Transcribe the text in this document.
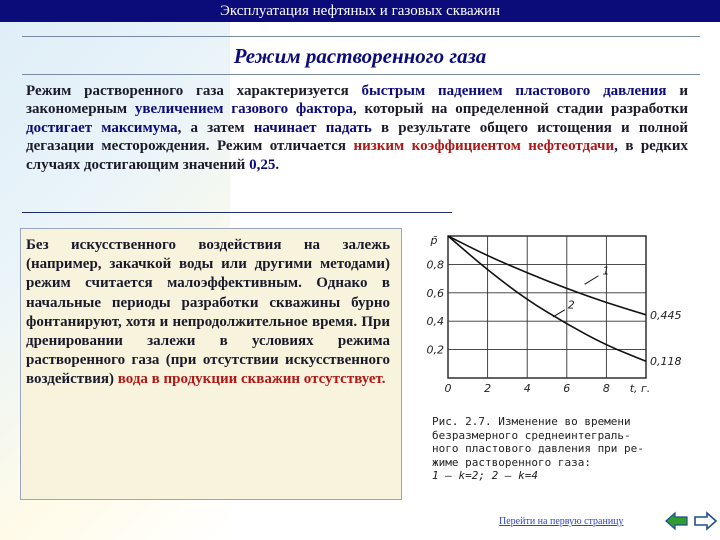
Эксплуатация нефтяных и газовых скважин
Режим растворенного газа
Режим растворенного газа характеризуется быстрым падением пластового давления и закономерным увеличением газового фактора, который на определенной стадии разработки достигает максимума, а затем начинает падать в результате общего истощения и полной дегазации месторождения. Режим отличается низким коэффициентом нефтеотдачи, в редких случаях достигающим значений 0,25.
Без искусственного воздействия на залежь (например, закачкой воды или другими методами) режим считается малоэффективным. Однако в начальные периоды разработки скважины бурно фонтанируют, хотя и непродолжительное время. При дренировании залежи в условиях режима растворенного газа (при отсутствии искусственного воздействия) вода в продукции скважин отсутствует.
p̄
0,8
0,6
0,4
0,2
0	2	4	6	8 t, г.
1
2
0,445
0,118
Рис. 2.7. Изменение во времени
безразмерного среднеинтеграль-
ного пластового давления при ре-
жиме растворенного газа:
1 — k=2; 2 — k=4
Перейти на первую страницу
